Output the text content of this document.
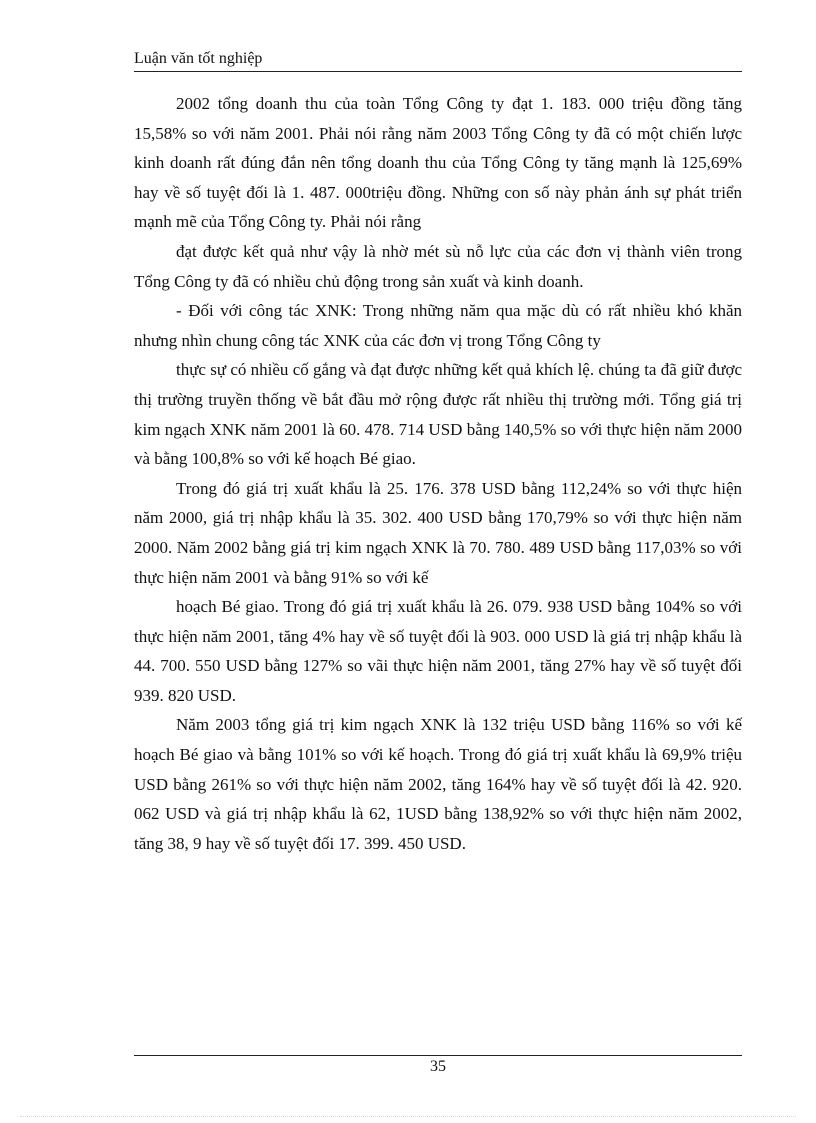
Luận văn tốt nghiệp

2002 tổng doanh thu của toàn Tổng Công ty đạt 1. 183. 000 triệu đồng tăng 15,58% so với năm 2001. Phải nói rằng năm 2003 Tổng Công ty đã có một chiến lược kinh doanh rất đúng đắn nên tổng doanh thu của Tổng Công ty tăng mạnh là 125,69% hay về số tuyệt đối là 1. 487. 000triệu đồng. Những con số này phản ánh sự phát triển mạnh mẽ của Tổng Công ty. Phải nói rằng

đạt được kết quả như vậy là nhờ mét sù nỗ lực của các đơn vị thành viên trong Tổng Công ty đã có nhiều chủ động trong sản xuất và kinh doanh.

- Đối với công tác XNK: Trong những năm qua mặc dù có rất nhiều khó khăn nhưng nhìn chung công tác XNK của các đơn vị trong Tổng Công ty

thực sự có nhiều cố gắng và đạt được những kết quả khích lệ. chúng ta đã giữ được thị trường truyền thống về bắt đầu mở rộng được rất nhiều thị trường mới. Tổng giá trị kim ngạch XNK năm 2001 là 60. 478. 714 USD bằng 140,5% so với thực hiện năm 2000 và bằng 100,8% so với kế hoạch Bé giao.

Trong đó giá trị xuất khẩu là 25. 176. 378 USD bằng 112,24% so với thực hiện năm 2000, giá trị nhập khẩu là 35. 302. 400 USD bằng 170,79% so với thực hiện năm 2000. Năm 2002 bằng giá trị kim ngạch XNK là 70. 780. 489 USD bằng 117,03% so với thực hiện năm 2001 và bằng 91% so với kế

hoạch Bé giao. Trong đó giá trị xuất khẩu là 26. 079. 938 USD bằng 104% so với thực hiện năm 2001, tăng 4% hay về số tuyệt đối là 903. 000 USD là giá trị nhập khẩu là 44. 700. 550 USD bằng 127% so vãi thực hiện năm 2001, tăng 27% hay về số tuyệt đối 939. 820 USD.

Năm 2003 tổng giá trị kim ngạch XNK là 132 triệu USD bằng 116% so với kế hoạch Bé giao và bằng 101% so với kế hoạch. Trong đó giá trị xuất khẩu là 69,9% triệu USD bằng 261% so với thực hiện năm 2002, tăng 164% hay về số tuyệt đối là 42. 920. 062 USD và giá trị nhập khẩu là 62, 1USD bằng 138,92% so với thực hiện năm 2002, tăng 38, 9 hay về số tuyệt đối 17. 399. 450 USD.

35
